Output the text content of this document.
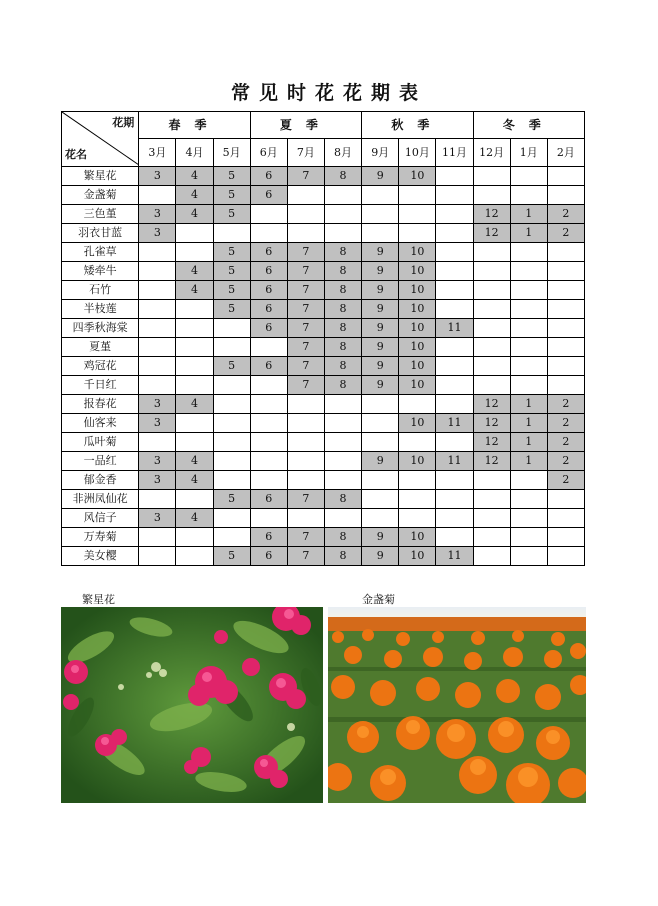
常见时花花期表
花期
花名	春季			夏季			秋季			冬季		
	3月	4月	5月	6月	7月	8月	9月	10月	11月	12月	1月	2月
繁星花	3	4	5	6	7	8	9	10				
金盏菊		4	5	6								
三色堇	3	4	5							12	1	2
羽衣甘蓝	3									12	1	2
孔雀草			5	6	7	8	9	10				
矮牵牛		4	5	6	7	8	9	10				
石竹		4	5	6	7	8	9	10				
半枝莲			5	6	7	8	9	10				
四季秋海棠				6	7	8	9	10	11			
夏堇					7	8	9	10				
鸡冠花			5	6	7	8	9	10				
千日红					7	8	9	10				
报春花	3	4								12	1	2
仙客来	3							10	11	12	1	2
瓜叶菊										12	1	2
一品红	3	4					9	10	11	12	1	2
郁金香	3	4										2
非洲凤仙花			5	6	7	8						
风信子	3	4										
万寿菊				6	7	8	9	10				
美女樱			5	6	7	8	9	10	11			
繁星花	金盏菊
